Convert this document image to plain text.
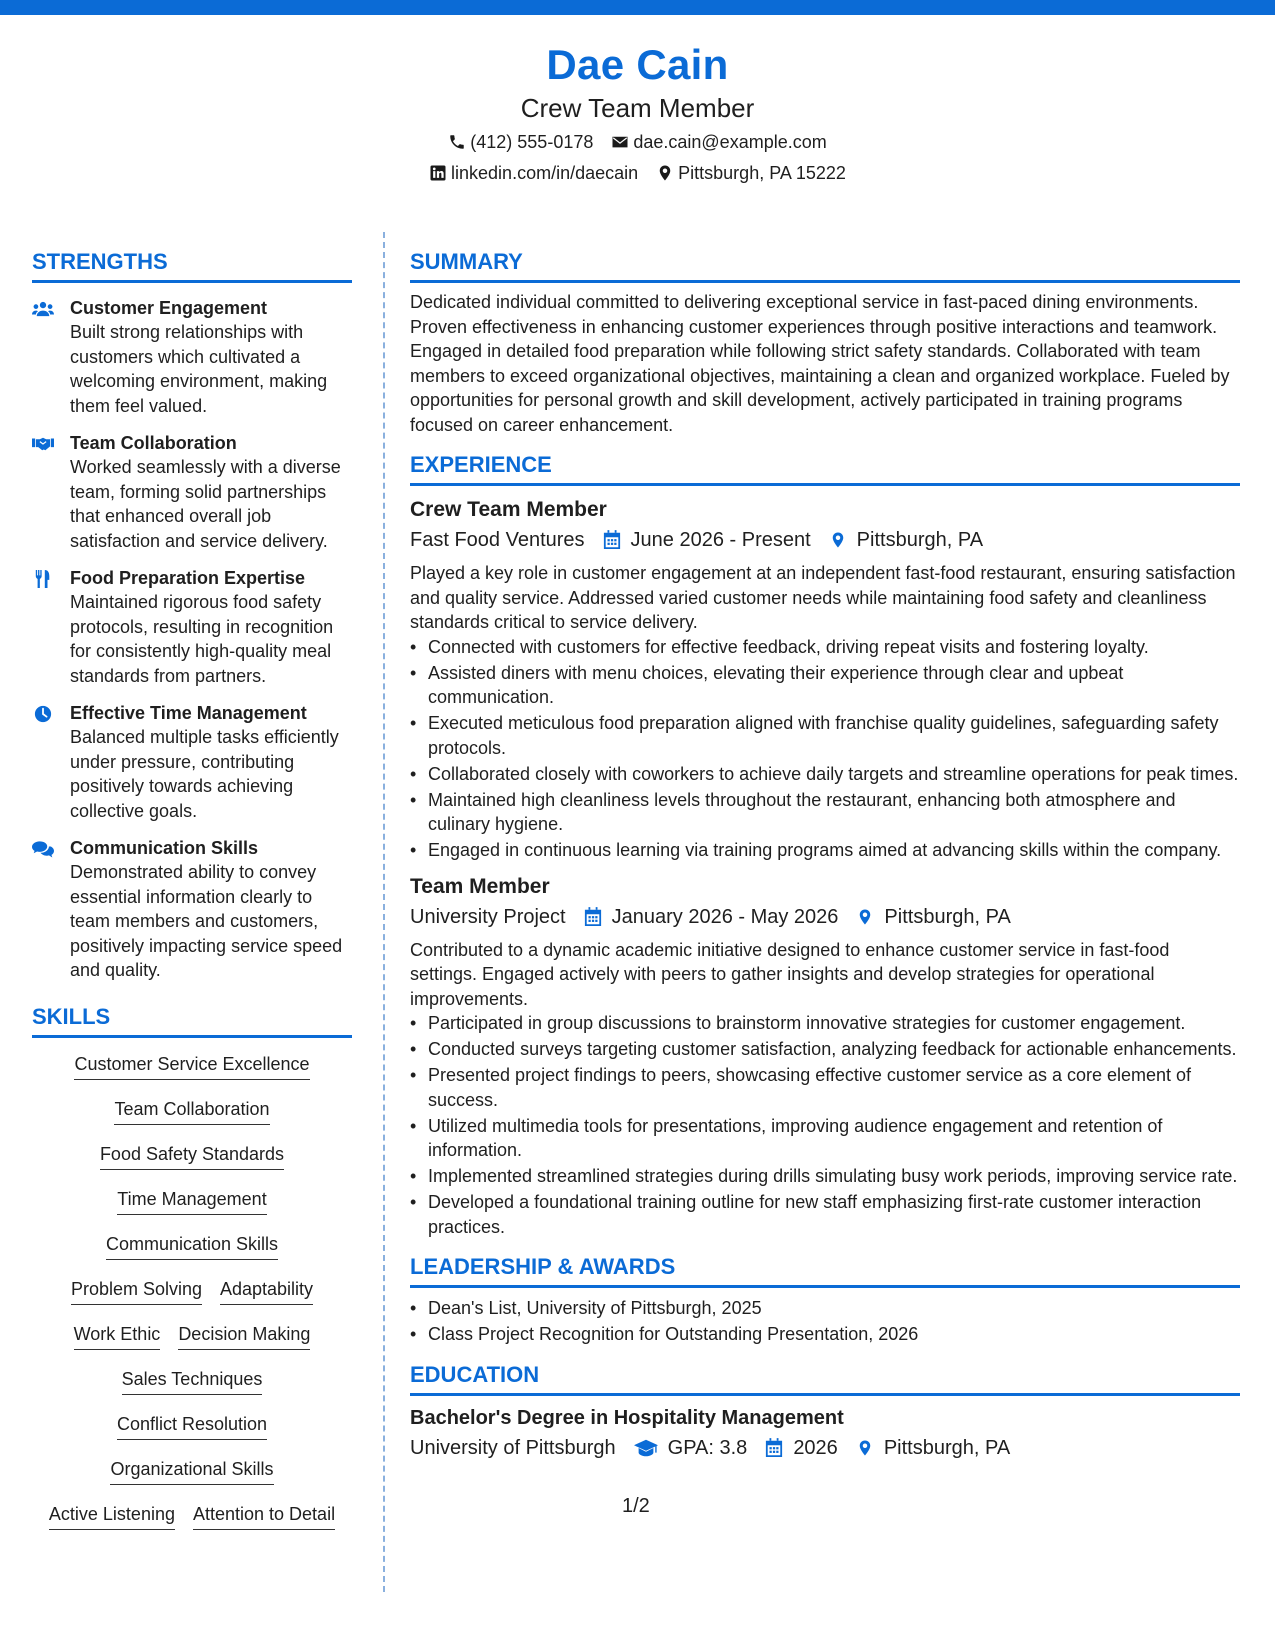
Dae Cain
Crew Team Member
(412) 555-0178 dae.cain@example.com
linkedin.com/in/daecain Pittsburgh, PA 15222
STRENGTHS
Customer Engagement
Built strong relationships with customers which cultivated a welcoming environment, making them feel valued.
Team Collaboration
Worked seamlessly with a diverse team, forming solid partnerships that enhanced overall job satisfaction and service delivery.
Food Preparation Expertise
Maintained rigorous food safety protocols, resulting in recognition for consistently high-quality meal standards from partners.
Effective Time Management
Balanced multiple tasks efficiently under pressure, contributing positively towards achieving collective goals.
Communication Skills
Demonstrated ability to convey essential information clearly to team members and customers, positively impacting service speed and quality.
SKILLS
Customer Service Excellence
Team Collaboration
Food Safety Standards
Time Management
Communication Skills
Problem Solving Adaptability
Work Ethic Decision Making
Sales Techniques
Conflict Resolution
Organizational Skills
Active Listening Attention to Detail
SUMMARY
Dedicated individual committed to delivering exceptional service in fast-paced dining environments. Proven effectiveness in enhancing customer experiences through positive interactions and teamwork. Engaged in detailed food preparation while following strict safety standards. Collaborated with team members to exceed organizational objectives, maintaining a clean and organized workplace. Fueled by opportunities for personal growth and skill development, actively participated in training programs focused on career enhancement.
EXPERIENCE
Crew Team Member
Fast Food Ventures June 2026 - Present Pittsburgh, PA
Played a key role in customer engagement at an independent fast-food restaurant, ensuring satisfaction and quality service. Addressed varied customer needs while maintaining food safety and cleanliness standards critical to service delivery.
• Connected with customers for effective feedback, driving repeat visits and fostering loyalty.
• Assisted diners with menu choices, elevating their experience through clear and upbeat communication.
• Executed meticulous food preparation aligned with franchise quality guidelines, safeguarding safety protocols.
• Collaborated closely with coworkers to achieve daily targets and streamline operations for peak times.
• Maintained high cleanliness levels throughout the restaurant, enhancing both atmosphere and culinary hygiene.
• Engaged in continuous learning via training programs aimed at advancing skills within the company.
Team Member
University Project January 2026 - May 2026 Pittsburgh, PA
Contributed to a dynamic academic initiative designed to enhance customer service in fast-food settings. Engaged actively with peers to gather insights and develop strategies for operational improvements.
• Participated in group discussions to brainstorm innovative strategies for customer engagement.
• Conducted surveys targeting customer satisfaction, analyzing feedback for actionable enhancements.
• Presented project findings to peers, showcasing effective customer service as a core element of success.
• Utilized multimedia tools for presentations, improving audience engagement and retention of information.
• Implemented streamlined strategies during drills simulating busy work periods, improving service rate.
• Developed a foundational training outline for new staff emphasizing first-rate customer interaction practices.
LEADERSHIP & AWARDS
• Dean's List, University of Pittsburgh, 2025
• Class Project Recognition for Outstanding Presentation, 2026
EDUCATION
Bachelor's Degree in Hospitality Management
University of Pittsburgh	GPA: 3.8 2026 Pittsburgh, PA
1/2
